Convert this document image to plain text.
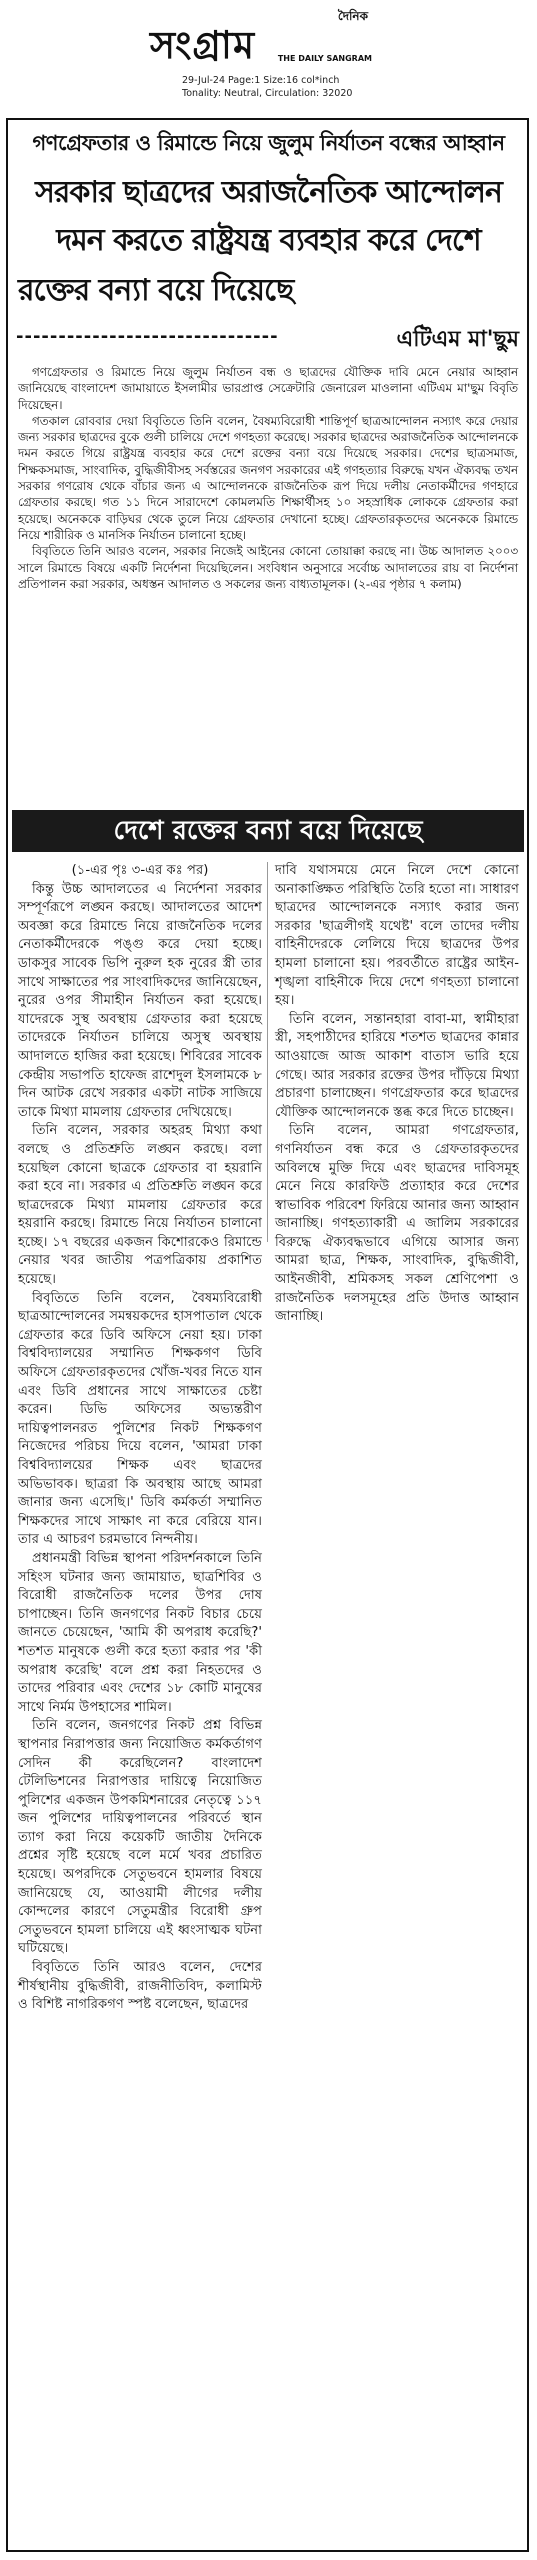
দৈনিক
সংগ্রাম	THE DAILY SANGRAM
29-Jul-24 Page:1 Size:16 col*inch
Tonality: Neutral, Circulation: 32020
গণগ্রেফতার ও রিমান্ডে নিয়ে জুলুম নির্যাতন বন্ধের আহ্বান
সরকার ছাত্রদের অরাজনৈতিক আন্দোলন
দমন করতে রাষ্ট্রযন্ত্র ব্যবহার করে দেশে
রক্তের বন্যা বয়ে দিয়েছে
-------------------------------	এটিএম মা'ছুম

গণগ্রেফতার ও রিমান্ডে নিয়ে জুলুম নির্যাতন বন্ধ ও ছাত্রদের যৌক্তিক দাবি মেনে নেয়ার আহ্বান জানিয়েছে বাংলাদেশ জামায়াতে ইসলামীর ভারপ্রাপ্ত সেক্রেটারি জেনারেল মাওলানা এটিএম মা'ছুম বিবৃতি দিয়েছেন।

গতকাল রোববার দেয়া বিবৃতিতে তিনি বলেন, বৈষম্যবিরোধী শান্তিপূর্ণ ছাত্রআন্দোলন নস্যাৎ করে দেয়ার জন্য সরকার ছাত্রদের বুকে গুলী চালিয়ে দেশে গণহত্যা করেছে। সরকার ছাত্রদের অরাজনৈতিক আন্দোলনকে দমন করতে গিয়ে রাষ্ট্রযন্ত্র ব্যবহার করে দেশে রক্তের বন্যা বয়ে দিয়েছে সরকার। দেশের ছাত্রসমাজ, শিক্ষকসমাজ, সাংবাদিক, বুদ্ধিজীবীসহ সর্বস্তরের জনগণ সরকারের এই গণহত্যার বিরুদ্ধে যখন ঐক্যবদ্ধ তখন সরকার গণরোষ থেকে বাঁচার জন্য এ আন্দোলনকে রাজনৈতিক রূপ দিয়ে দলীয় নেতাকর্মীদের গণহারে গ্রেফতার করছে। গত ১১ দিনে সারাদেশে কোমলমতি শিক্ষার্থীসহ ১০ সহস্রাধিক লোককে গ্রেফতার করা হয়েছে। অনেককে বাড়িঘর থেকে তুলে নিয়ে গ্রেফতার দেখানো হচ্ছে। গ্রেফতারকৃতদের অনেককে রিমান্ডে নিয়ে শারীরিক ও মানসিক নির্যাতন চালানো হচ্ছে।

বিবৃতিতে তিনি আরও বলেন, সরকার নিজেই আইনের কোনো তোয়াক্কা করছে না। উচ্চ আদালত ২০০৩ সালে রিমান্ডে বিষয়ে একটি নির্দেশনা দিয়েছিলেন। সংবিধান অনুসারে সর্বোচ্চ আদালতের রায় বা নির্দেশনা প্রতিপালন করা সরকার, অধস্তন আদালত ও সকলের জন্য বাধ্যতামূলক। (২-এর পৃষ্ঠার ৭ কলাম)

দেশে রক্তের বন্যা বয়ে দিয়েছে

(১-এর পৃঃ ৩-এর কঃ পর)

কিন্তু উচ্চ আদালতের এ নির্দেশনা সরকার সম্পূর্ণরূপে লঙ্ঘন করছে। আদালতের আদেশ অবজ্ঞা করে রিমান্ডে নিয়ে রাজনৈতিক দলের নেতাকর্মীদেরকে পঙ্গু করে দেয়া হচ্ছে। ডাকসুর সাবেক ভিপি নুরুল হক নুরের স্ত্রী তার সাথে সাক্ষাতের পর সাংবাদিকদের জানিয়েছেন, নুরের ওপর সীমাহীন নির্যাতন করা হয়েছে। যাদেরকে সুস্থ অবস্থায় গ্রেফতার করা হয়েছে তাদেরকে নির্যাতন চালিয়ে অসুস্থ অবস্থায় আদালতে হাজির করা হয়েছে। শিবিরের সাবেক কেন্দ্রীয় সভাপতি হাফেজ রাশেদুল ইসলামকে ৮ দিন আটক রেখে সরকার একটা নাটক সাজিয়ে তাকে মিথ্যা মামলায় গ্রেফতার দেখিয়েছে।

তিনি বলেন, সরকার অহরহ মিথ্যা কথা বলছে ও প্রতিশ্রুতি লঙ্ঘন করছে। বলা হয়েছিল কোনো ছাত্রকে গ্রেফতার বা হয়রানি করা হবে না। সরকার এ প্রতিশ্রুতি লঙ্ঘন করে ছাত্রদেরকে মিথ্যা মামলায় গ্রেফতার করে হয়রানি করছে। রিমান্ডে নিয়ে নির্যাতন চালানো হচ্ছে। ১৭ বছরের একজন কিশোরকেও রিমান্ডে নেয়ার খবর জাতীয় পত্রপত্রিকায় প্রকাশিত হয়েছে।

বিবৃতিতে তিনি বলেন, বৈষম্যবিরোধী ছাত্রআন্দোলনের সমন্বয়কদের হাসপাতাল থেকে গ্রেফতার করে ডিবি অফিসে নেয়া হয়। ঢাকা বিশ্ববিদ্যালয়ের সম্মানিত শিক্ষকগণ ডিবি অফিসে গ্রেফতারকৃতদের খোঁজ-খবর নিতে যান এবং ডিবি প্রধানের সাথে সাক্ষাতের চেষ্টা করেন। ডিভি অফিসের অভ্যন্তরীণ দায়িত্বপালনরত পুলিশের নিকট শিক্ষকগণ নিজেদের পরিচয় দিয়ে বলেন, 'আমরা ঢাকা বিশ্ববিদ্যালয়ের শিক্ষক এবং ছাত্রদের অভিভাবক। ছাত্ররা কি অবস্থায় আছে আমরা জানার জন্য এসেছি।' ডিবি কর্মকর্তা সম্মানিত শিক্ষকদের সাথে সাক্ষাৎ না করে বেরিয়ে যান। তার এ আচরণ চরমভাবে নিন্দনীয়।

প্রধানমন্ত্রী বিভিন্ন স্থাপনা পরিদর্শনকালে তিনি সহিংস ঘটনার জন্য জামায়াত, ছাত্রশিবির ও বিরোধী রাজনৈতিক দলের উপর দোষ চাপাচ্ছেন। তিনি জনগণের নিকট বিচার চেয়ে জানতে চেয়েছেন, 'আমি কী অপরাধ করেছি?' শতশত মানুষকে গুলী করে হত্যা করার পর 'কী অপরাধ করেছি' বলে প্রশ্ন করা নিহতদের ও তাদের পরিবার এবং দেশের ১৮ কোটি মানুষের সাথে নির্মম উপহাসের শামিল।

তিনি বলেন, জনগণের নিকট প্রশ্ন বিভিন্ন স্থাপনার নিরাপত্তার জন্য নিয়োজিত কর্মকর্তাগণ সেদিন কী করেছিলেন? বাংলাদেশ টেলিভিশনের নিরাপত্তার দায়িত্বে নিয়োজিত পুলিশের একজন উপকমিশনারের নেতৃত্বে ১১৭ জন পুলিশের দায়িত্বপালনের পরিবর্তে স্থান ত্যাগ করা নিয়ে কয়েকটি জাতীয় দৈনিকে প্রশ্নের সৃষ্টি হয়েছে বলে মর্মে খবর প্রচারিত হয়েছে। অপরদিকে সেতুভবনে হামলার বিষয়ে জানিয়েছে যে, আওয়ামী লীগের দলীয় কোন্দলের কারণে সেতুমন্ত্রীর বিরোধী গ্রুপ সেতুভবনে হামলা চালিয়ে এই ধ্বংসাত্মক ঘটনা ঘটিয়েছে।

বিবৃতিতে তিনি আরও বলেন, দেশের শীর্ষস্থানীয় বুদ্ধিজীবী, রাজনীতিবিদ, কলামিস্ট ও বিশিষ্ট নাগরিকগণ স্পষ্ট বলেছেন, ছাত্রদের

দাবি যথাসময়ে মেনে নিলে দেশে কোনো অনাকাঙ্ক্ষিত পরিস্থিতি তৈরি হতো না। সাধারণ ছাত্রদের আন্দোলনকে নস্যাৎ করার জন্য সরকার 'ছাত্রলীগই যথেষ্ট' বলে তাদের দলীয় বাহিনীদেরকে লেলিয়ে দিয়ে ছাত্রদের উপর হামলা চালানো হয়। পরবর্তীতে রাষ্ট্রের আইন-শৃঙ্খলা বাহিনীকে দিয়ে দেশে গণহত্যা চালানো হয়।

তিনি বলেন, সন্তানহারা বাবা-মা, স্বামীহারা স্ত্রী, সহপাঠীদের হারিয়ে শতশত ছাত্রদের কান্নার আওয়াজে আজ আকাশ বাতাস ভারি হয়ে গেছে। আর সরকার রক্তের উপর দাঁড়িয়ে মিথ্যা প্রচারণা চালাচ্ছেন। গণগ্রেফতার করে ছাত্রদের যৌক্তিক আন্দোলনকে স্তব্ধ করে দিতে চাচ্ছেন।

তিনি বলেন, আমরা গণগ্রেফতার, গণনির্যাতন বন্ধ করে ও গ্রেফতারকৃতদের অবিলম্বে মুক্তি দিয়ে এবং ছাত্রদের দাবিসমূহ মেনে নিয়ে কারফিউ প্রত্যাহার করে দেশের স্বাভাবিক পরিবেশ ফিরিয়ে আনার জন্য আহ্বান জানাচ্ছি। গণহত্যাকারী এ জালিম সরকারের বিরুদ্ধে ঐক্যবদ্ধভাবে এগিয়ে আসার জন্য আমরা ছাত্র, শিক্ষক, সাংবাদিক, বুদ্ধিজীবী, আইনজীবী, শ্রমিকসহ সকল শ্রেণিপেশা ও রাজনৈতিক দলসমূহের প্রতি উদাত্ত আহ্বান জানাচ্ছি।
